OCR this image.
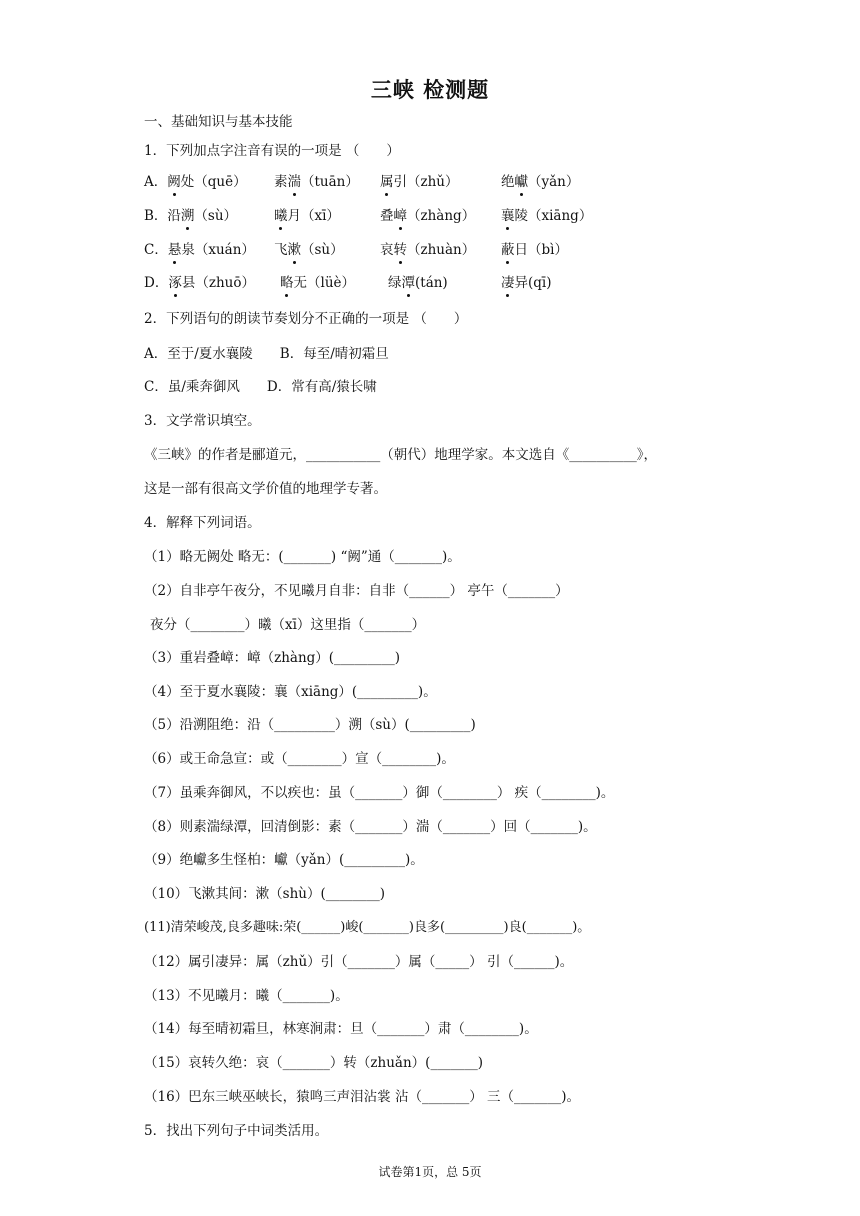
三峡 检测题
一、基础知识与基本技能
1．下列加点字注音有误的一项是 （　　）
A．阙处（quē） 素湍（tuān） 属引（zhǔ）	绝巘（yǎn）
B．沿溯（sù）	曦月（xī）	叠嶂（zhàng） 襄陵（xiāng）
C．悬泉（xuán） 飞漱（sù）	哀转（zhuàn） 蔽日（bì）
D．涿县（zhuō） 略无（lüè） 绿潭(tán)	凄异(qī)
2．下列语句的朗读节奏划分不正确的一项是 （　　）
A．至于/夏水襄陵　　B．每至/晴初霜旦
C．虽/乘奔御风　　D．常有高/猿长啸
3．文学常识填空。
《三峡》的作者是郦道元，___________（朝代）地理学家。本文选自《__________》，
这是一部有很高文学价值的地理学专著。
4．解释下列词语。
（1）略无阙处 略无：(_______) “阙”通（_______)。
（2）自非亭午夜分，不见曦月自非：自非（______） 亭午（_______）
夜分（________）曦（xī）这里指（_______）
（3）重岩叠嶂：嶂（zhàng）(_________)
（4）至于夏水襄陵：襄（xiāng）(_________)。
（5）沿溯阻绝：沿（_________）溯（sù）(_________)
（6）或王命急宣：或（________）宣（________)。
（7）虽乘奔御风，不以疾也：虽（_______）御（________） 疾（________)。
（8）则素湍绿潭，回清倒影：素（_______）湍（_______）回（_______)。
（9）绝巘多生怪柏：巘（yǎn）(_________)。
（10）飞漱其间：漱（shù）(________)
(11)清荣峻茂,良多趣味:荣(______)峻(_______)良多(_________)良(_______)。
（12）属引凄异：属（zhǔ）引（_______）属（_____） 引（______)。
（13）不见曦月：曦（_______)。
（14）每至晴初霜旦，林寒涧肃：旦（_______）肃（________)。
（15）哀转久绝：哀（_______）转（zhuǎn）(_______)
（16）巴东三峡巫峡长，猿鸣三声泪沾裳 沾（_______） 三（_______)。
5．找出下列句子中词类活用。
试卷第1页，总 5页
